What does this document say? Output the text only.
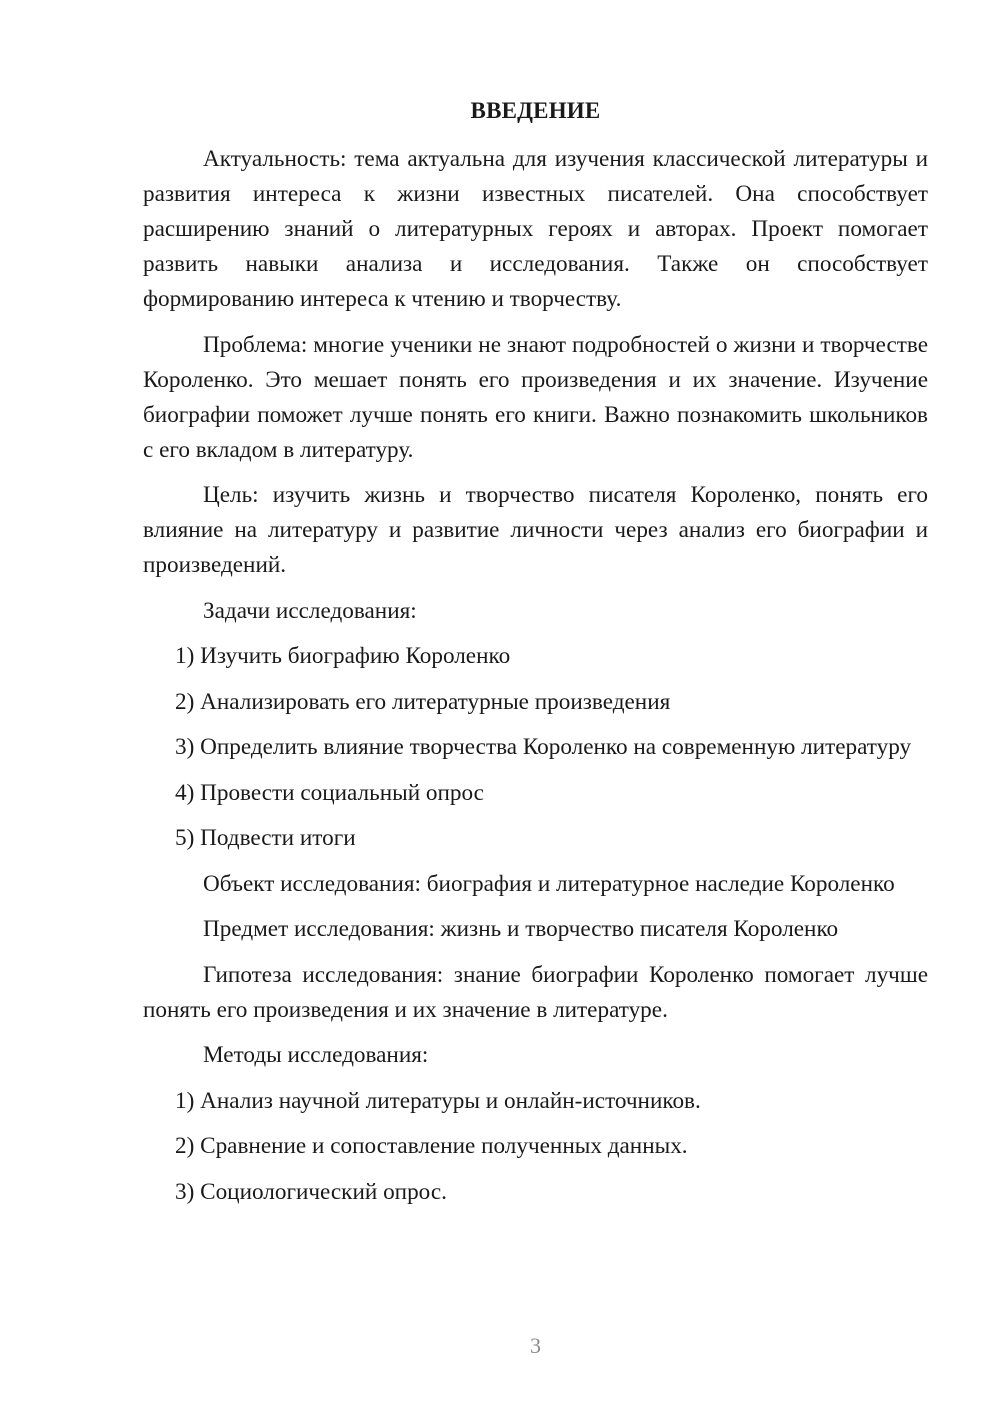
ВВЕДЕНИЕ

Актуальность: тема актуальна для изучения классической литературы и развития интереса к жизни известных писателей. Она способствует расширению знаний о литературных героях и авторах. Проект помогает развить навыки анализа и исследования. Также он способствует формированию интереса к чтению и творчеству.

Проблема: многие ученики не знают подробностей о жизни и творчестве Короленко. Это мешает понять его произведения и их значение. Изучение биографии поможет лучше понять его книги. Важно познакомить школьников с его вкладом в литературу.

Цель: изучить жизнь и творчество писателя Короленко, понять его влияние на литературу и развитие личности через анализ его биографии и произведений.

Задачи исследования:

1) Изучить биографию Короленко

2) Анализировать его литературные произведения

3) Определить влияние творчества Короленко на современную литературу

4) Провести социальный опрос

5) Подвести итоги

Объект исследования: биография и литературное наследие Короленко

Предмет исследования: жизнь и творчество писателя Короленко

Гипотеза исследования: знание биографии Короленко помогает лучше понять его произведения и их значение в литературе.

Методы исследования:

1) Анализ научной литературы и онлайн-источников.

2) Сравнение и сопоставление полученных данных.

3) Социологический опрос.

3
